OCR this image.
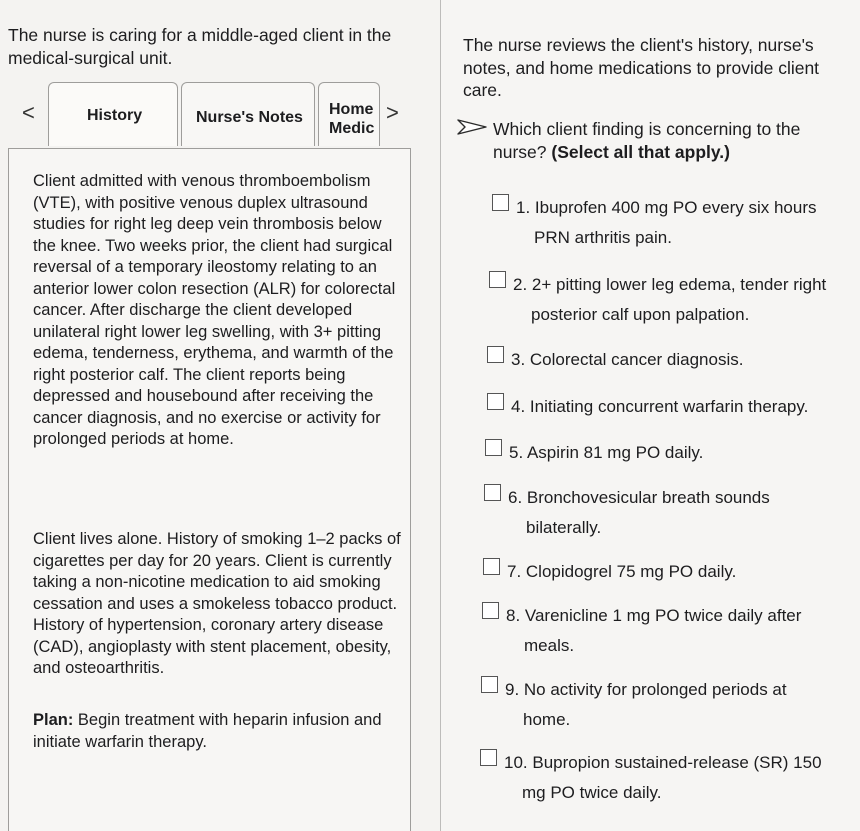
The nurse is caring for a middle-aged client in the medical-surgical unit.
<	History	Nurse's Notes Home
Medic
>

Client admitted with venous thromboembolism (VTE), with positive venous duplex ultrasound studies for right leg deep vein thrombosis below the knee. Two weeks prior, the client had surgical reversal of a temporary ileostomy relating to an anterior lower colon resection (ALR) for colorectal cancer. After discharge the client developed unilateral right lower leg swelling, with 3+ pitting edema, tenderness, erythema, and warmth of the right posterior calf. The client reports being depressed and housebound after receiving the cancer diagnosis, and no exercise or activity for prolonged periods at home.

Client lives alone. History of smoking 1–2 packs of cigarettes per day for 20 years. Client is currently taking a non-nicotine medication to aid smoking cessation and uses a smokeless tobacco product. History of hypertension, coronary artery disease (CAD), angioplasty with stent placement, obesity, and osteoarthritis.

Plan: Begin treatment with heparin infusion and initiate warfarin therapy.

The nurse reviews the client's history, nurse's notes, and home medications to provide client care.
Which client finding is concerning to the nurse? (Select all that apply.)
1. Ibuprofen 400 mg PO every six hours
PRN arthritis pain.
2. 2+ pitting lower leg edema, tender right
posterior calf upon palpation.
3. Colorectal cancer diagnosis.
4. Initiating concurrent warfarin therapy.
5. Aspirin 81 mg PO daily.
6. Bronchovesicular breath sounds
bilaterally.
7. Clopidogrel 75 mg PO daily.
8. Varenicline 1 mg PO twice daily after
meals.
9. No activity for prolonged periods at
home.
10. Bupropion sustained-release (SR) 150
mg PO twice daily.
